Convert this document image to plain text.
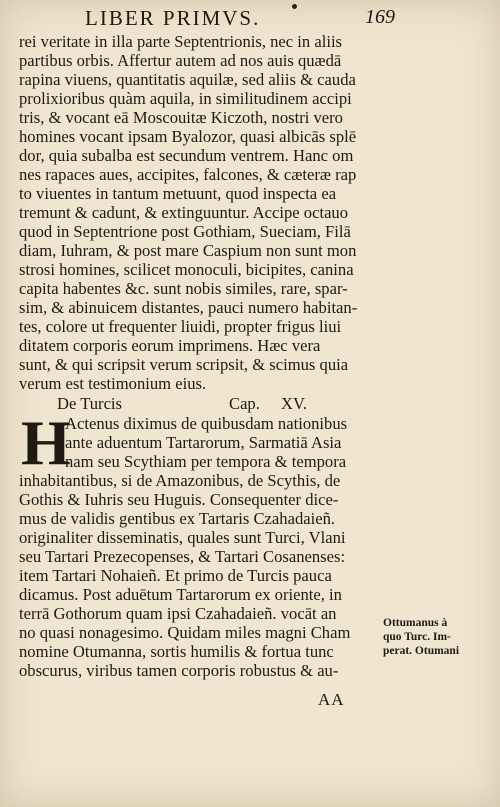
LIBER PRIMVS.	169
rei veritate in illa parte Septentrionis, nec in aliis
partibus orbis. Affertur autem ad nos auis quædā
rapina viuens, quantitatis aquilæ, sed aliis & cauda
prolixioribus quàm aquila, in similitudinem accipi
tris, & vocant eā Moscouitæ Kiczoth, nostri vero
homines vocant ipsam Byalozor, quasi albicās splē
dor, quia subalba est secundum ventrem. Hanc om
nes rapaces aues, accipites, falcones, & cæteræ rap
to viuentes in tantum metuunt, quod inspecta ea
tremunt & cadunt, & extinguuntur. Accipe octauo
quod in Septentrione post Gothiam, Sueciam, Filā
diam, Iuhram, & post mare Caspium non sunt mon
strosi homines, scilicet monoculi, bicipites, canina
capita habentes &c. sunt nobis similes, rare, spar-
sim, & abinuicem distantes, pauci numero habitan-
tes, colore ut frequenter liuidi, propter frigus liui
ditatem corporis eorum imprimens. Hæc vera
sunt, & qui scripsit verum scripsit, & scimus quia
verum est testimonium eius.
De Turcis	Cap. XV.
H
Actenus diximus de quibusdam nationibus
ante aduentum Tartarorum, Sarmatiā Asia
nam seu Scythiam per tempora & tempora
inhabitantibus, si de Amazonibus, de Scythis, de
Gothis & Iuhris seu Huguis. Consequenter dice-
mus de validis gentibus ex Tartaris Czahadaieñ.
originaliter disseminatis, quales sunt Turci, Vlani
seu Tartari Prezecopenses, & Tartari Cosanenses:
item Tartari Nohaieñ. Et primo de Turcis pauca
dicamus. Post aduētum Tartarorum ex oriente, in
terrā Gothorum quam ipsi Czahadaieñ. vocāt an
no quasi nonagesimo. Quidam miles magni Cham
nomine Otumanna, sortis humilis & fortua tunc
obscurus, viribus tamen corporis robustus & au-
Ottumanus à
quo Turc. Im-
perat. Otumani
AA
